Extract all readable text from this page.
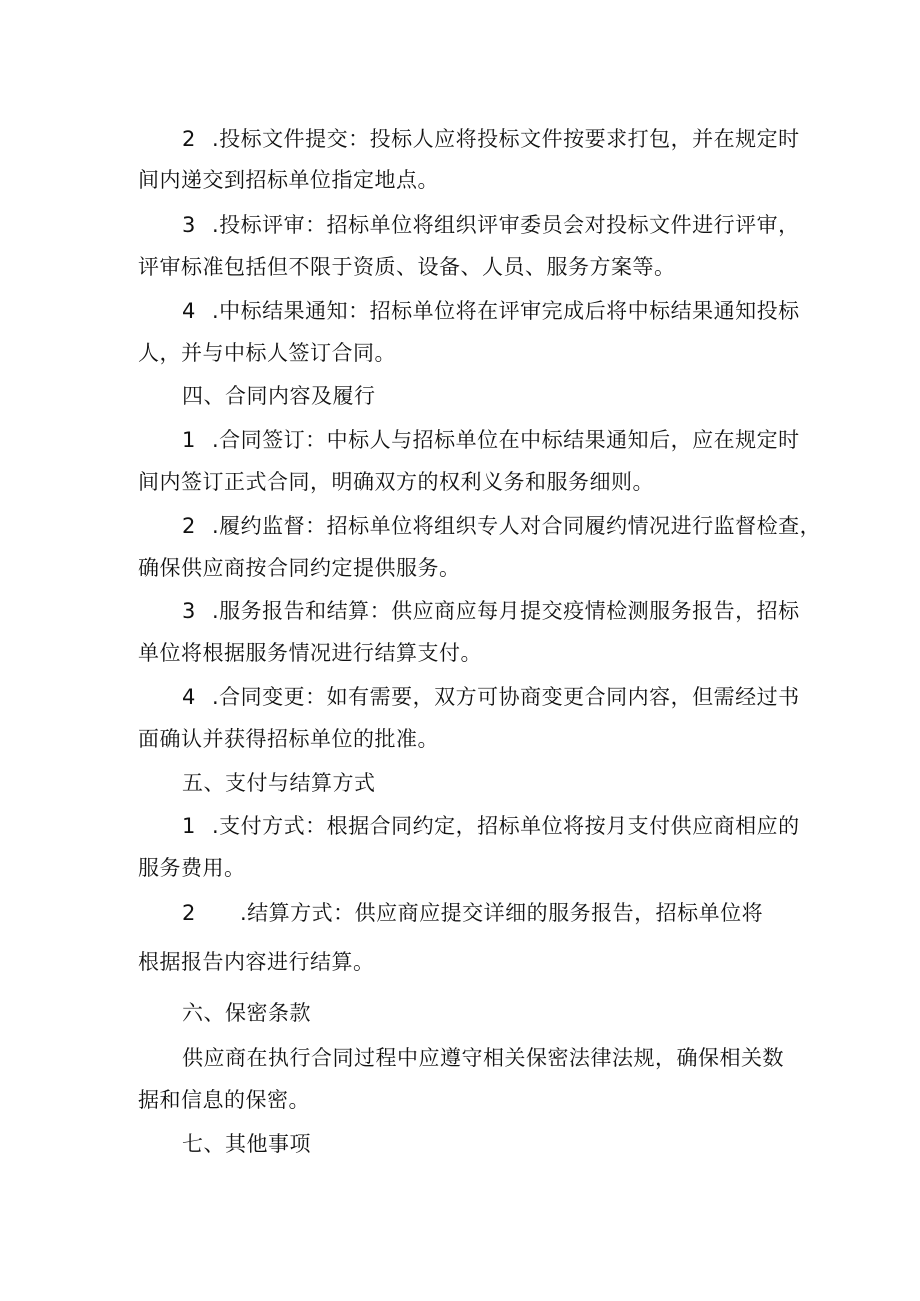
2 .投标文件提交：投标人应将投标文件按要求打包，并在规定时
间内递交到招标单位指定地点。
3 .投标评审：招标单位将组织评审委员会对投标文件进行评审，
评审标准包括但不限于资质、设备、人员、服务方案等。
4 .中标结果通知：招标单位将在评审完成后将中标结果通知投标
人，并与中标人签订合同。
四、合同内容及履行
1 .合同签订：中标人与招标单位在中标结果通知后，应在规定时
间内签订正式合同，明确双方的权利义务和服务细则。
2 .履约监督：招标单位将组织专人对合同履约情况进行监督检查，
确保供应商按合同约定提供服务。
3 .服务报告和结算：供应商应每月提交疫情检测服务报告，招标
单位将根据服务情况进行结算支付。
4 .合同变更：如有需要，双方可协商变更合同内容，但需经过书
面确认并获得招标单位的批准。
五、支付与结算方式
1 .支付方式：根据合同约定，招标单位将按月支付供应商相应的
服务费用。
2 .结算方式：供应商应提交详细的服务报告，招标单位将
根据报告内容进行结算。
六、保密条款
供应商在执行合同过程中应遵守相关保密法律法规，确保相关数
据和信息的保密。
七、其他事项
